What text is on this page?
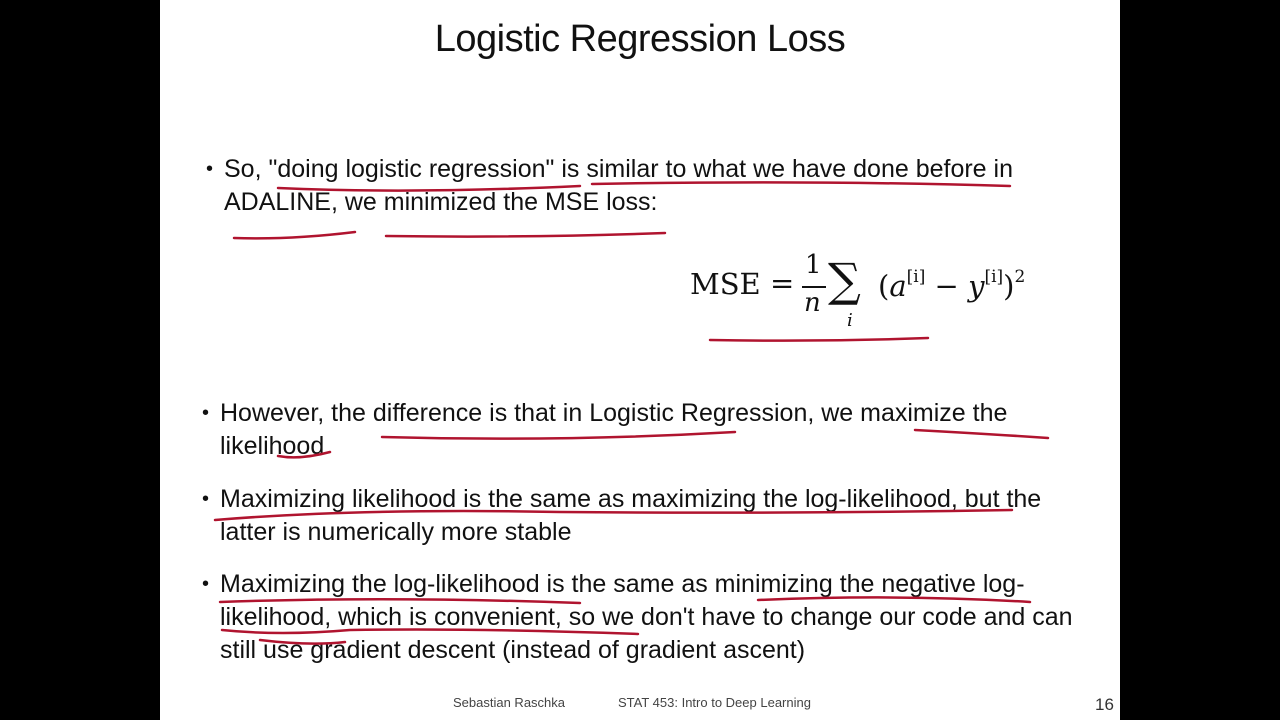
Logistic Regression Loss
• So, "doing logistic regression" is similar to what we have done before in ADALINE, we minimized the MSE loss:
MSE =
1
n ∑
i
$(a[i] - y[i])^2$
• However, the difference is that in Logistic Regression, we maximize the likelihood
• Maximizing likelihood is the same as maximizing the log-likelihood, but the latter is numerically more stable
• Maximizing the log-likelihood is the same as minimizing the negative log-likelihood, which is convenient, so we don't have to change our code and can still use gradient descent (instead of gradient ascent)
Sebastian Raschka	STAT 453: Intro to Deep Learning	16
